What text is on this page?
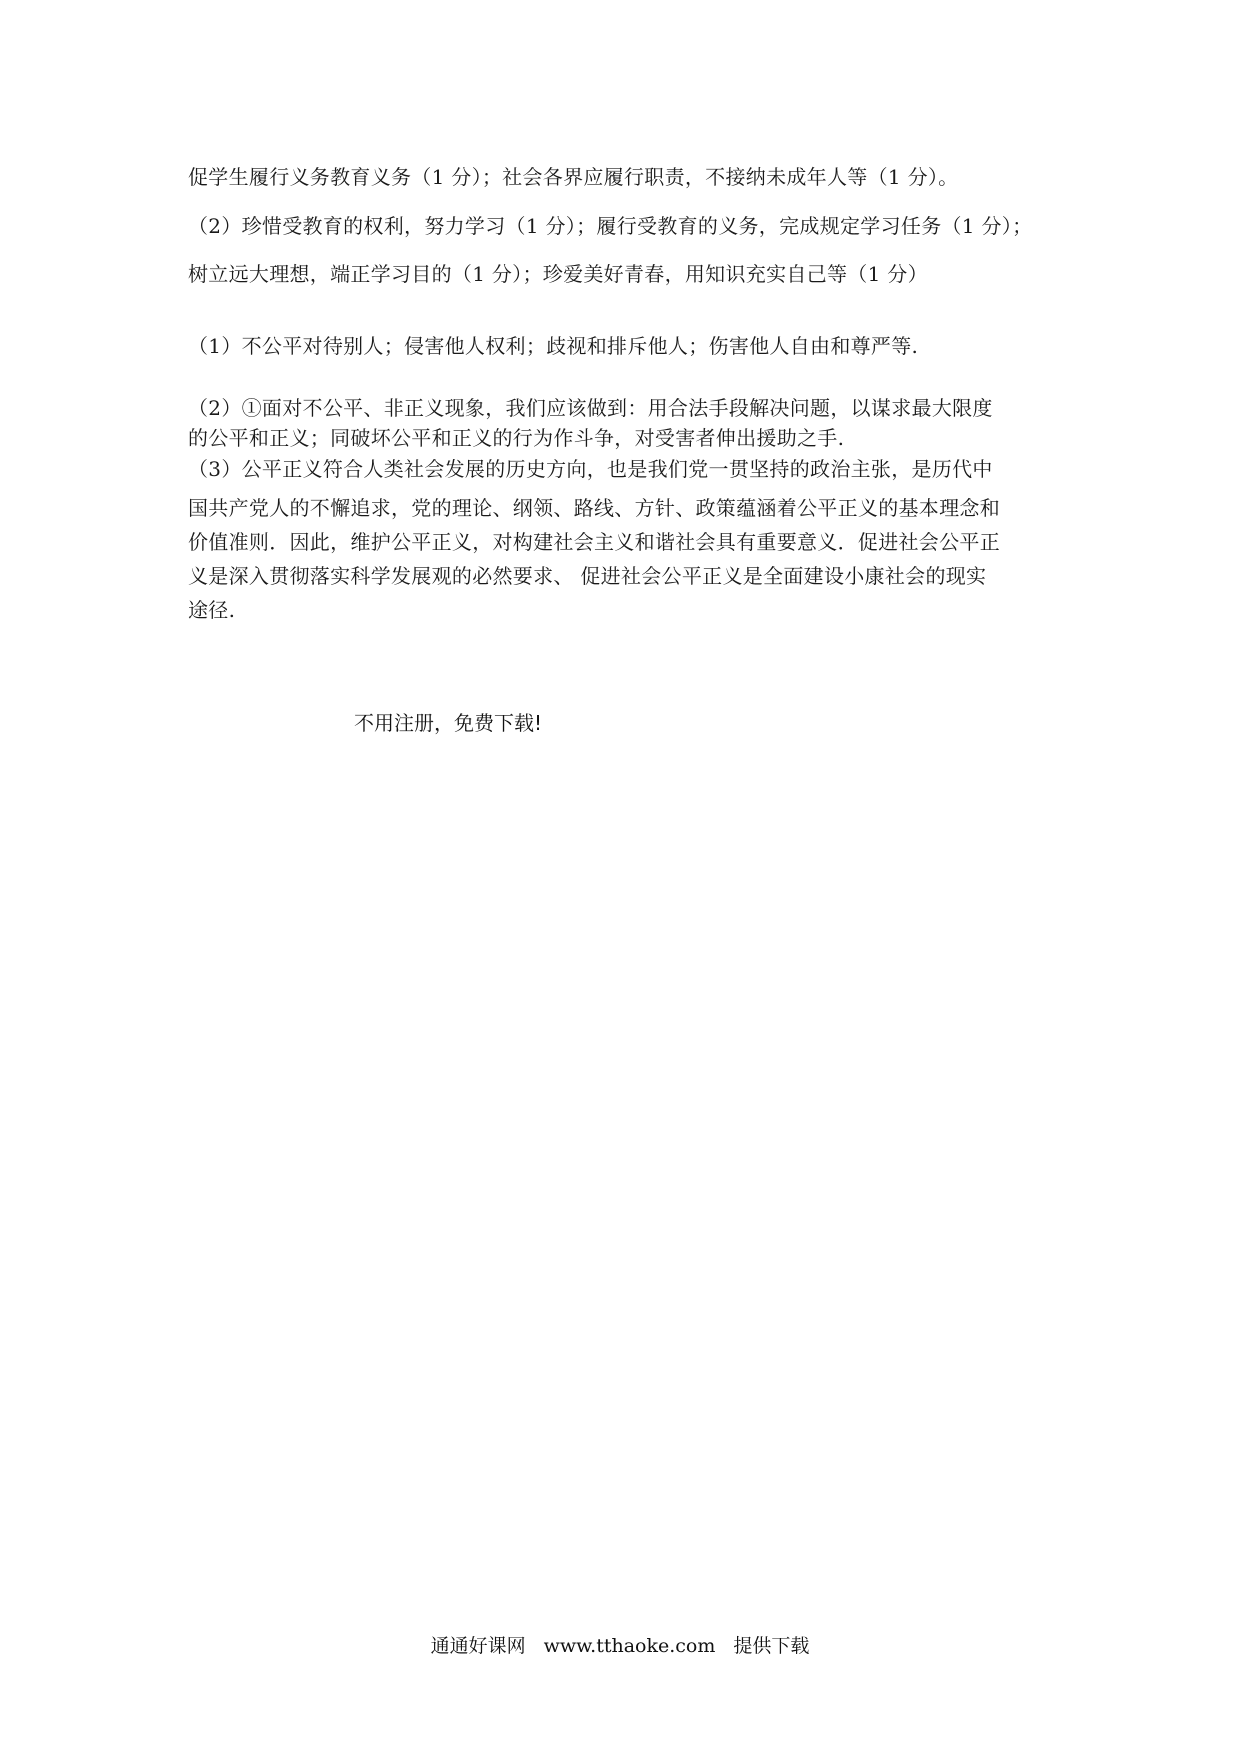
促学生履行义务教育义务（1 分）；社会各界应履行职责，不接纳未成年人等（1 分）。
（2）珍惜受教育的权利，努力学习（1 分）；履行受教育的义务，完成规定学习任务（1 分）；
树立远大理想，端正学习目的（1 分）；珍爱美好青春，用知识充实自己等（1 分）
（1）不公平对待别人；侵害他人权利；歧视和排斥他人；伤害他人自由和尊严等.
（2）①面对不公平、非正义现象，我们应该做到：用合法手段解决问题，以谋求最大限度
的公平和正义；同破坏公平和正义的行为作斗争，对受害者伸出援助之手.
（3）公平正义符合人类社会发展的历史方向，也是我们党一贯坚持的政治主张，是历代中
国共产党人的不懈追求，党的理论、纲领、路线、方针、政策蕴涵着公平正义的基本理念和
价值准则．因此，维护公平正义，对构建社会主义和谐社会具有重要意义．促进社会公平正
义是深入贯彻落实科学发展观的必然要求、 促进社会公平正义是全面建设小康社会的现实
途径.
不用注册，免费下载!
通通好课网 www.tthaoke.com 提供下载
